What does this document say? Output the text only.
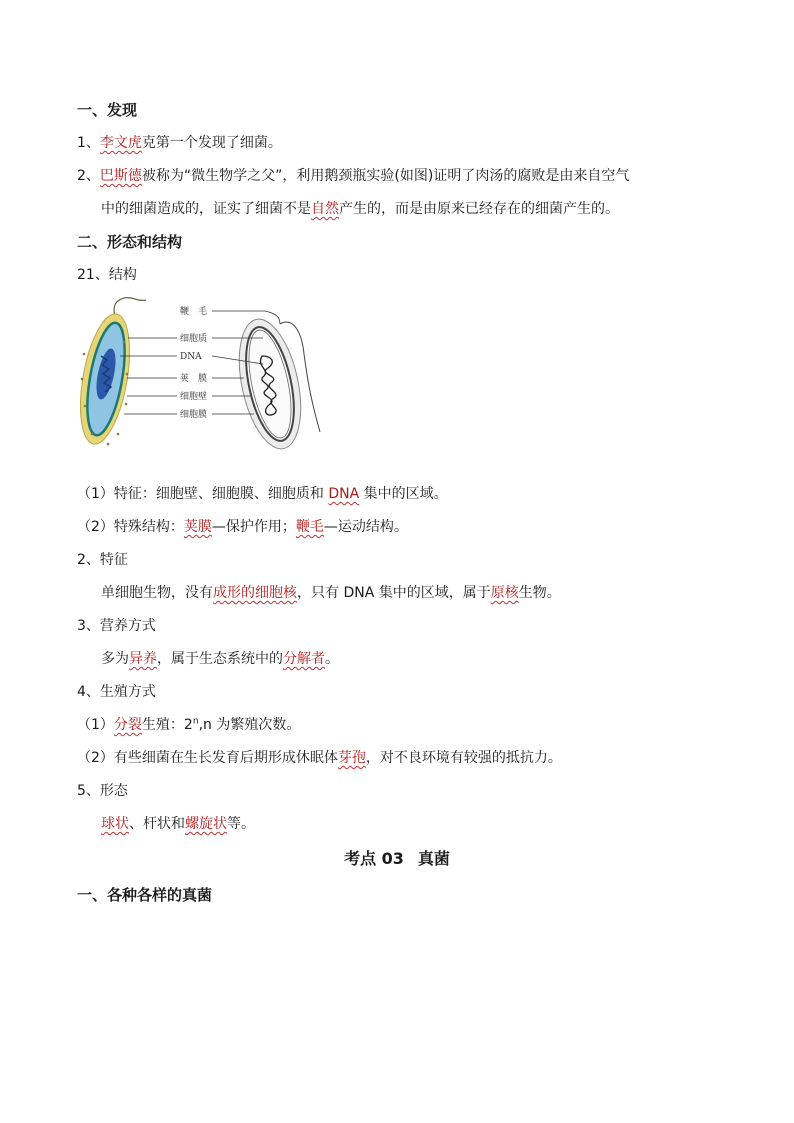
一、发现
1、李文虎克第一个发现了细菌。
2、巴斯德被称为“微生物学之父”，利用鹅颈瓶实验(如图)证明了肉汤的腐败是由来自空气
中的细菌造成的，证实了细菌不是自然产生的，而是由原来已经存在的细菌产生的。
二、形态和结构
21、结构
鞭　毛
细胞质
DNA
荚　膜
细胞壁
细胞膜
（1）特征：细胞壁、细胞膜、细胞质和 DNA 集中的区域。
（2）特殊结构：荚膜—保护作用；鞭毛—运动结构。
2、特征
单细胞生物，没有成形的细胞核，只有 DNA 集中的区域，属于原核生物。
3、营养方式
多为异养，属于生态系统中的分解者。
4、生殖方式
（1）分裂生殖：2$^n$,n 为繁殖次数。
（2）有些细菌在生长发育后期形成休眠体芽孢，对不良环境有较强的抵抗力。
5、形态
球状、杆状和螺旋状等。
考点 03 真菌
一、各种各样的真菌
